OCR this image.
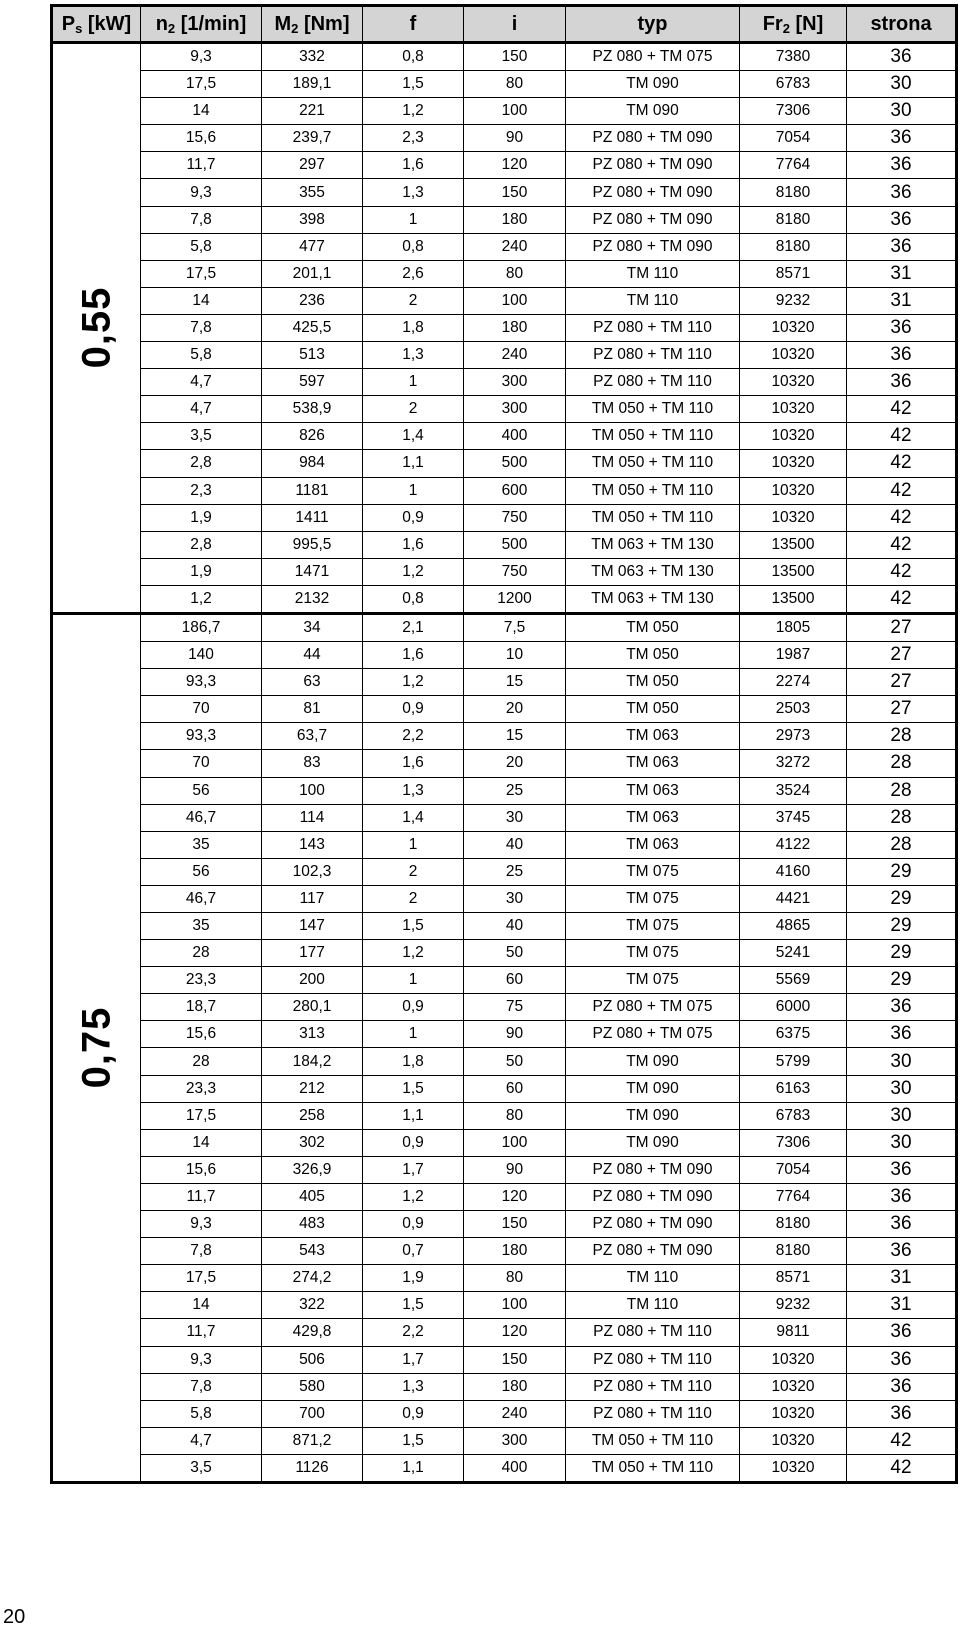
$P_s$ [kW]	$n_2$ [1/min]	$M_2$ [Nm]	f	i	typ	$Fr_2$ [N]	strona
0,55	9,3	332	0,8	150	PZ 080 + TM 075	7380	36
	17,5	189,1	1,5	80	TM 090	6783	30
	14	221	1,2	100	TM 090	7306	30
	15,6	239,7	2,3	90	PZ 080 + TM 090	7054	36
	11,7	297	1,6	120	PZ 080 + TM 090	7764	36
	9,3	355	1,3	150	PZ 080 + TM 090	8180	36
	7,8	398	1	180	PZ 080 + TM 090	8180	36
	5,8	477	0,8	240	PZ 080 + TM 090	8180	36
	17,5	201,1	2,6	80	TM 110	8571	31
	14	236	2	100	TM 110	9232	31
	7,8	425,5	1,8	180	PZ 080 + TM 110	10320	36
	5,8	513	1,3	240	PZ 080 + TM 110	10320	36
	4,7	597	1	300	PZ 080 + TM 110	10320	36
	4,7	538,9	2	300	TM 050 + TM 110	10320	42
	3,5	826	1,4	400	TM 050 + TM 110	10320	42
	2,8	984	1,1	500	TM 050 + TM 110	10320	42
	2,3	1181	1	600	TM 050 + TM 110	10320	42
	1,9	1411	0,9	750	TM 050 + TM 110	10320	42
	2,8	995,5	1,6	500	TM 063 + TM 130	13500	42
	1,9	1471	1,2	750	TM 063 + TM 130	13500	42
	1,2	2132	0,8	1200	TM 063 + TM 130	13500	42
0,75	186,7	34	2,1	7,5	TM 050	1805	27
	140	44	1,6	10	TM 050	1987	27
	93,3	63	1,2	15	TM 050	2274	27
	70	81	0,9	20	TM 050	2503	27
	93,3	63,7	2,2	15	TM 063	2973	28
	70	83	1,6	20	TM 063	3272	28
	56	100	1,3	25	TM 063	3524	28
	46,7	114	1,4	30	TM 063	3745	28
	35	143	1	40	TM 063	4122	28
	56	102,3	2	25	TM 075	4160	29
	46,7	117	2	30	TM 075	4421	29
	35	147	1,5	40	TM 075	4865	29
	28	177	1,2	50	TM 075	5241	29
	23,3	200	1	60	TM 075	5569	29
	18,7	280,1	0,9	75	PZ 080 + TM 075	6000	36
	15,6	313	1	90	PZ 080 + TM 075	6375	36
	28	184,2	1,8	50	TM 090	5799	30
	23,3	212	1,5	60	TM 090	6163	30
	17,5	258	1,1	80	TM 090	6783	30
	14	302	0,9	100	TM 090	7306	30
	15,6	326,9	1,7	90	PZ 080 + TM 090	7054	36
	11,7	405	1,2	120	PZ 080 + TM 090	7764	36
	9,3	483	0,9	150	PZ 080 + TM 090	8180	36
	7,8	543	0,7	180	PZ 080 + TM 090	8180	36
	17,5	274,2	1,9	80	TM 110	8571	31
	14	322	1,5	100	TM 110	9232	31
	11,7	429,8	2,2	120	PZ 080 + TM 110	9811	36
	9,3	506	1,7	150	PZ 080 + TM 110	10320	36
	7,8	580	1,3	180	PZ 080 + TM 110	10320	36
	5,8	700	0,9	240	PZ 080 + TM 110	10320	36
	4,7	871,2	1,5	300	TM 050 + TM 110	10320	42
	3,5	1126	1,1	400	TM 050 + TM 110	10320	42
20
